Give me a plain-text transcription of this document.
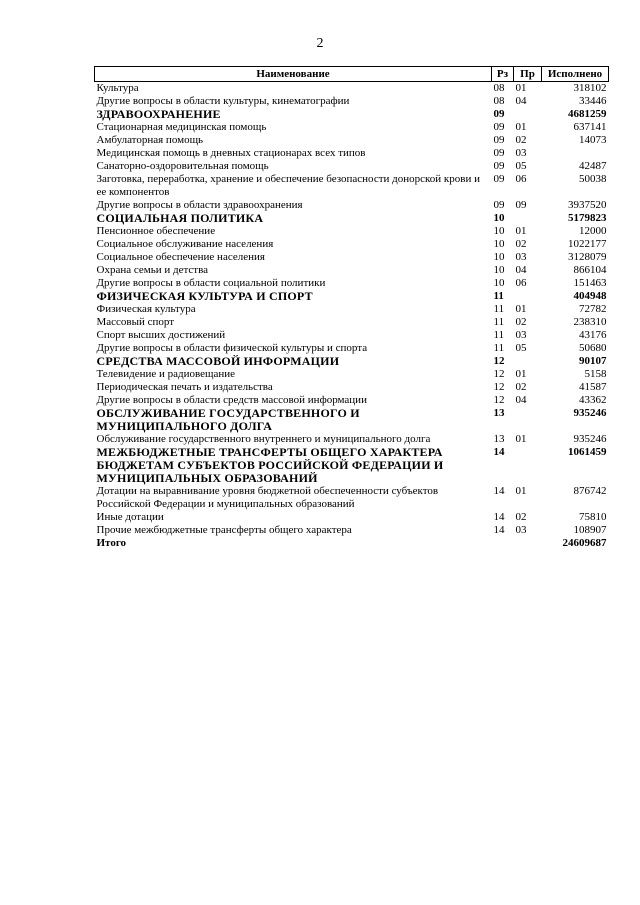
2
Наименование	Рз	Пр	Исполнено
Культура	08	01	318102
Другие вопросы в области культуры, кинематографии	08	04	33446
ЗДРАВООХРАНЕНИЕ	09		4681259
Стационарная медицинская помощь	09	01	637141
Амбулаторная помощь	09	02	14073
Медицинская помощь в дневных стационарах всех типов	09	03	
Санаторно-оздоровительная помощь	09	05	42487
Заготовка, переработка, хранение и обеспечение безопасности донорской крови и ее компонентов	09	06	50038
Другие вопросы в области здравоохранения	09	09	3937520
СОЦИАЛЬНАЯ ПОЛИТИКА	10		5179823
Пенсионное обеспечение	10	01	12000
Социальное обслуживание населения	10	02	1022177
Социальное обеспечение населения	10	03	3128079
Охрана семьи и детства	10	04	866104
Другие вопросы в области социальной политики	10	06	151463
ФИЗИЧЕСКАЯ КУЛЬТУРА И СПОРТ	11		404948
Физическая культура	11	01	72782
Массовый спорт	11	02	238310
Спорт высших достижений	11	03	43176
Другие вопросы в области физической культуры и спорта	11	05	50680
СРЕДСТВА МАССОВОЙ ИНФОРМАЦИИ	12		90107
Телевидение и радиовещание	12	01	5158
Периодическая печать и издательства	12	02	41587
Другие вопросы в области средств массовой информации	12	04	43362
ОБСЛУЖИВАНИЕ ГОСУДАРСТВЕННОГО И МУНИЦИПАЛЬНОГО ДОЛГА	13		935246
Обслуживание государственного внутреннего и муниципального долга	13	01	935246
МЕЖБЮДЖЕТНЫЕ ТРАНСФЕРТЫ ОБЩЕГО ХАРАКТЕРА БЮДЖЕТАМ СУБЪЕКТОВ РОССИЙСКОЙ ФЕДЕРАЦИИ И МУНИЦИПАЛЬНЫХ ОБРАЗОВАНИЙ	14		1061459
Дотации на выравнивание уровня бюджетной обеспеченности субъектов Российской Федерации и муниципальных образований	14	01	876742
Иные дотации	14	02	75810
Прочие межбюджетные трансферты общего характера	14	03	108907
Итого			24609687
